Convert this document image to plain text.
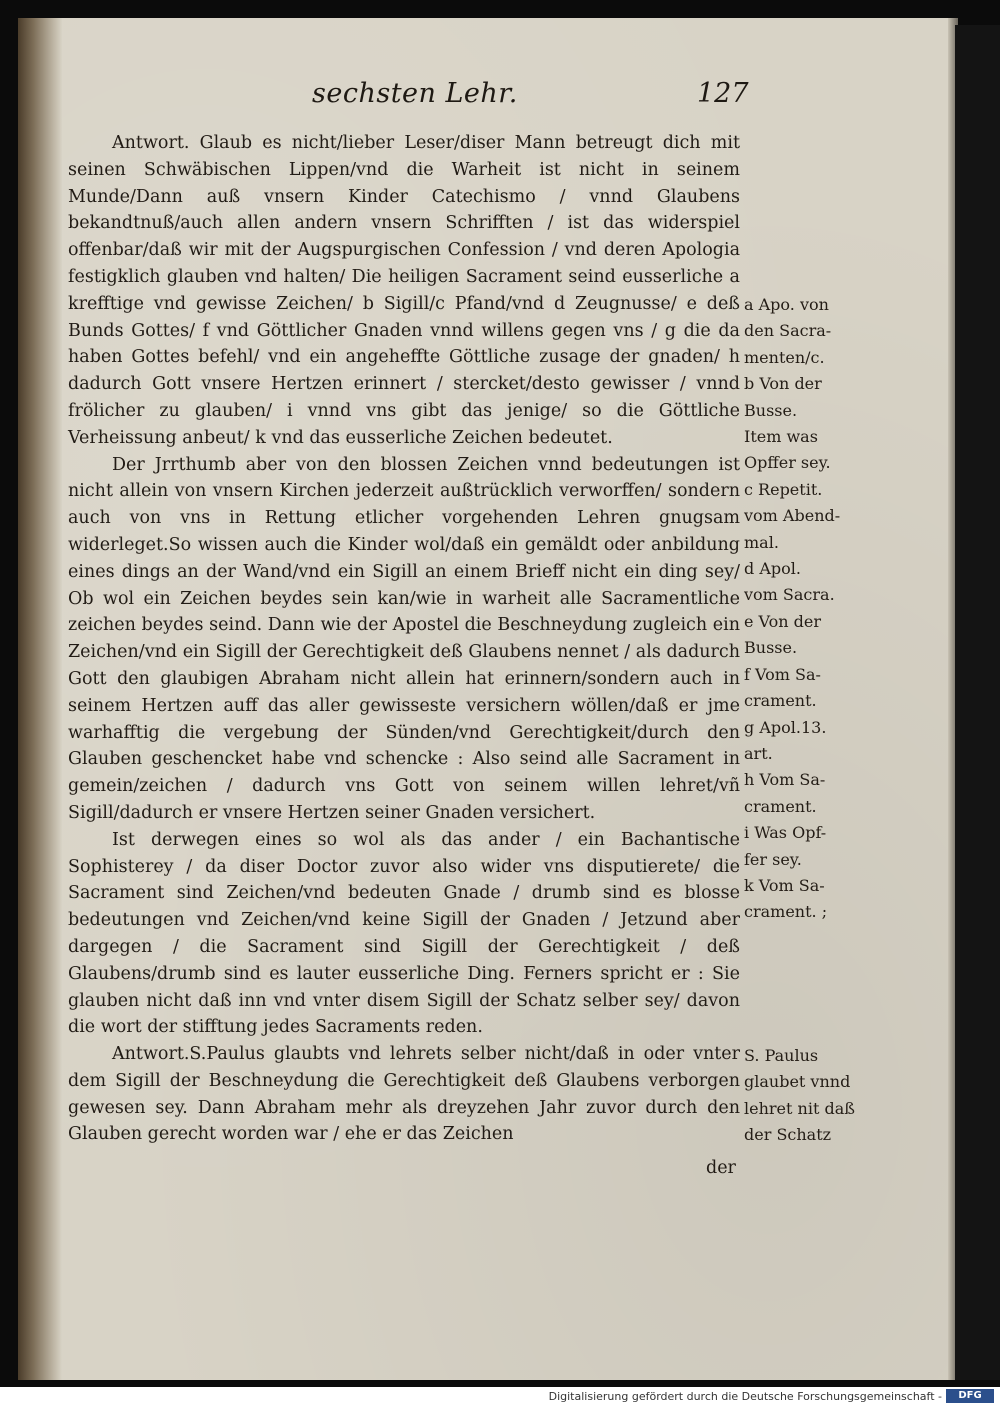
sechsten Lehr.	127

Antwort. Glaub es nicht/lieber Leser/diser Mann betreugt dich mit seinen Schwäbischen Lippen/vnd die Warheit ist nicht in seinem Munde/Dann auß vnsern Kinder Catechismo / vnnd Glaubens bekandtnuß/auch allen andern vnsern Schrifften / ist das widerspiel offenbar/daß wir mit der Augspurgischen Confession / vnd deren Apologia festigklich glauben vnd halten/ Die heiligen Sacrament seind eusserliche a krefftige vnd gewisse Zeichen/ b Sigill/c Pfand/vnd d Zeugnusse/ e deß Bunds Gottes/ f vnd Göttlicher Gnaden vnnd willens gegen vns / g die da haben Gottes befehl/ vnd ein angeheffte Göttliche zusage der gnaden/ h dadurch Gott vnsere Hertzen erinnert / stercket/desto gewisser / vnnd frölicher zu glauben/ i vnnd vns gibt das jenige/ so die Göttliche Verheissung anbeut/ k vnd das eusserliche Zeichen bedeutet.

Der Jrrthumb aber von den blossen Zeichen vnnd bedeutungen ist nicht allein von vnsern Kirchen jederzeit außtrücklich verworffen/ sondern auch von vns in Rettung etlicher vorgehenden Lehren gnugsam widerleget.So wissen auch die Kinder wol/daß ein gemäldt oder anbildung eines dings an der Wand/vnd ein Sigill an einem Brieff nicht ein ding sey/ Ob wol ein Zeichen beydes sein kan/wie in warheit alle Sacramentliche zeichen beydes seind. Dann wie der Apostel die Beschneydung zugleich ein Zeichen/vnd ein Sigill der Gerechtigkeit deß Glaubens nennet / als dadurch Gott den glaubigen Abraham nicht allein hat erinnern/sondern auch in seinem Hertzen auff das aller gewisseste versichern wöllen/daß er jme warhafftig die vergebung der Sünden/vnd Gerechtigkeit/durch den Glauben geschencket habe vnd schencke : Also seind alle Sacrament in gemein/zeichen / dadurch vns Gott von seinem willen lehret/vñ Sigill/dadurch er vnsere Hertzen seiner Gnaden versichert.

Ist derwegen eines so wol als das ander / ein Bachantische Sophisterey / da diser Doctor zuvor also wider vns disputierete/ die Sacrament sind Zeichen/vnd bedeuten Gnade / drumb sind es blosse bedeutungen vnd Zeichen/vnd keine Sigill der Gnaden / Jetzund aber dargegen / die Sacrament sind Sigill der Gerechtigkeit / deß Glaubens/drumb sind es lauter eusserliche Ding. Ferners spricht er : Sie glauben nicht daß inn vnd vnter disem Sigill der Schatz selber sey/ davon die wort der stifftung jedes Sacraments reden.

Antwort.S.Paulus glaubts vnd lehrets selber nicht/daß in oder vnter dem Sigill der Beschneydung die Gerechtigkeit deß Glaubens verborgen gewesen sey. Dann Abraham mehr als dreyzehen Jahr zuvor durch den Glauben gerecht worden war / ehe er das Zeichen

a Apo. von
den Sacra-
menten/c.
b Von der
Busse.
Item was
Opffer sey.
c Repetit.
vom Abend-
mal.
d Apol.
vom Sacra.
e Von der
Busse.
f Vom Sa-
crament.
g Apol.13.
art.
h Vom Sa-
crament.
i Was Opf-
fer sey.
k Vom Sa-
crament. ;
S. Paulus
glaubet vnnd
lehret nit daß
der Schatz
der
Digitalisierung gefördert durch die Deutsche Forschungsgemeinschaft -	DFG
